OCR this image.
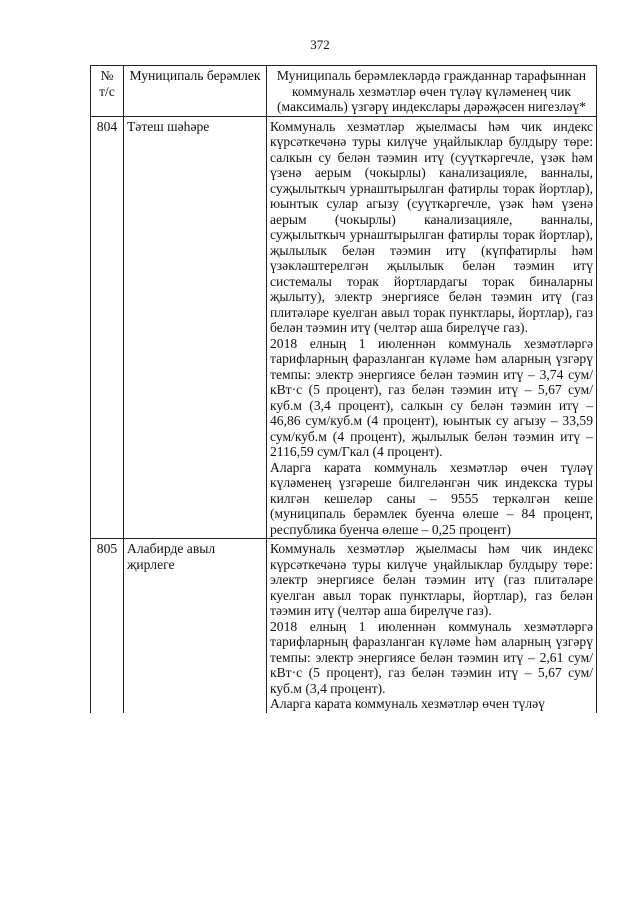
372
№ т/с	Муниципаль берәмлек	Муниципаль берәмлекләрдә гражданнар тарафыннан коммуналь хезмәтләр өчен түләү күләменең чик (максималь) үзгәрү индекслары дәрәҗәсен нигезләү*
804	Тәтеш шәһәре	Коммуналь хезмәтләр җыелмасы һәм чик индекс күрсәткечәнә туры килүче уңайлыклар булдыру төре: салкын су белән тәэмин итү (суүткәргечле, үзәк һәм үзенә аерым (чокырлы) канализацияле, ванналы, суҗылыткыч урнаштырылган фатирлы торак йортлар), юынтык сулар агызу (суүткәргечле, үзәк һәм үзенә аерым (чокырлы) канализацияле, ванналы, суҗылыткыч урнаштырылган фатирлы торак йортлар), җылылык белән тәэмин итү (күпфатирлы һәм үзәкләштерелгән җылылык белән тәэмин итү системалы торак йортлардагы торак биналарны җылыту), электр энергиясе белән тәэмин итү (газ плитәләре куелган авыл торак пунктлары, йортлар), газ белән тәэмин итү (челтәр аша бирелүче газ).

2018 елның 1 июленнән коммуналь хезмәтләргә тарифларның фаразланган күләме һәм аларның үзгәрү темпы: электр энергиясе белән тәэмин итү – 3,74 сум/кВт·с (5 процент), газ белән тәэмин итү – 5,67 сум/куб.м (3,4 процент), салкын су белән тәэмин итү – 46,86 сум/куб.м (4 процент), юынтык су агызу – 33,59 сум/куб.м (4 процент), җылылык белән тәэмин итү – 2116,59 сум/Гкал (4 процент).

Аларга карата коммуналь хезмәтләр өчен түләү күләменең үзгәреше билгеләнгән чик индекска туры килгән кешеләр саны – 9555 теркәлгән кеше (муниципаль берәмлек буенча өлеше – 84 процент, республика буенча өлеше – 0,25 процент)

805	Алабирде авыл җирлеге	Коммуналь хезмәтләр җыелмасы һәм чик индекс күрсәткечәнә туры килүче уңайлыклар булдыру төре: электр энергиясе белән тәэмин итү (газ плитәләре куелган авыл торак пунктлары, йортлар), газ белән тәэмин итү (челтәр аша бирелүче газ).

2018 елның 1 июленнән коммуналь хезмәтләргә тарифларның фаразланган күләме һәм аларның үзгәрү темпы: электр энергиясе белән тәэмин итү – 2,61 сум/кВт·с (5 процент), газ белән тәэмин итү – 5,67 сум/куб.м (3,4 процент).

Аларга карата коммуналь хезмәтләр өчен түләү
